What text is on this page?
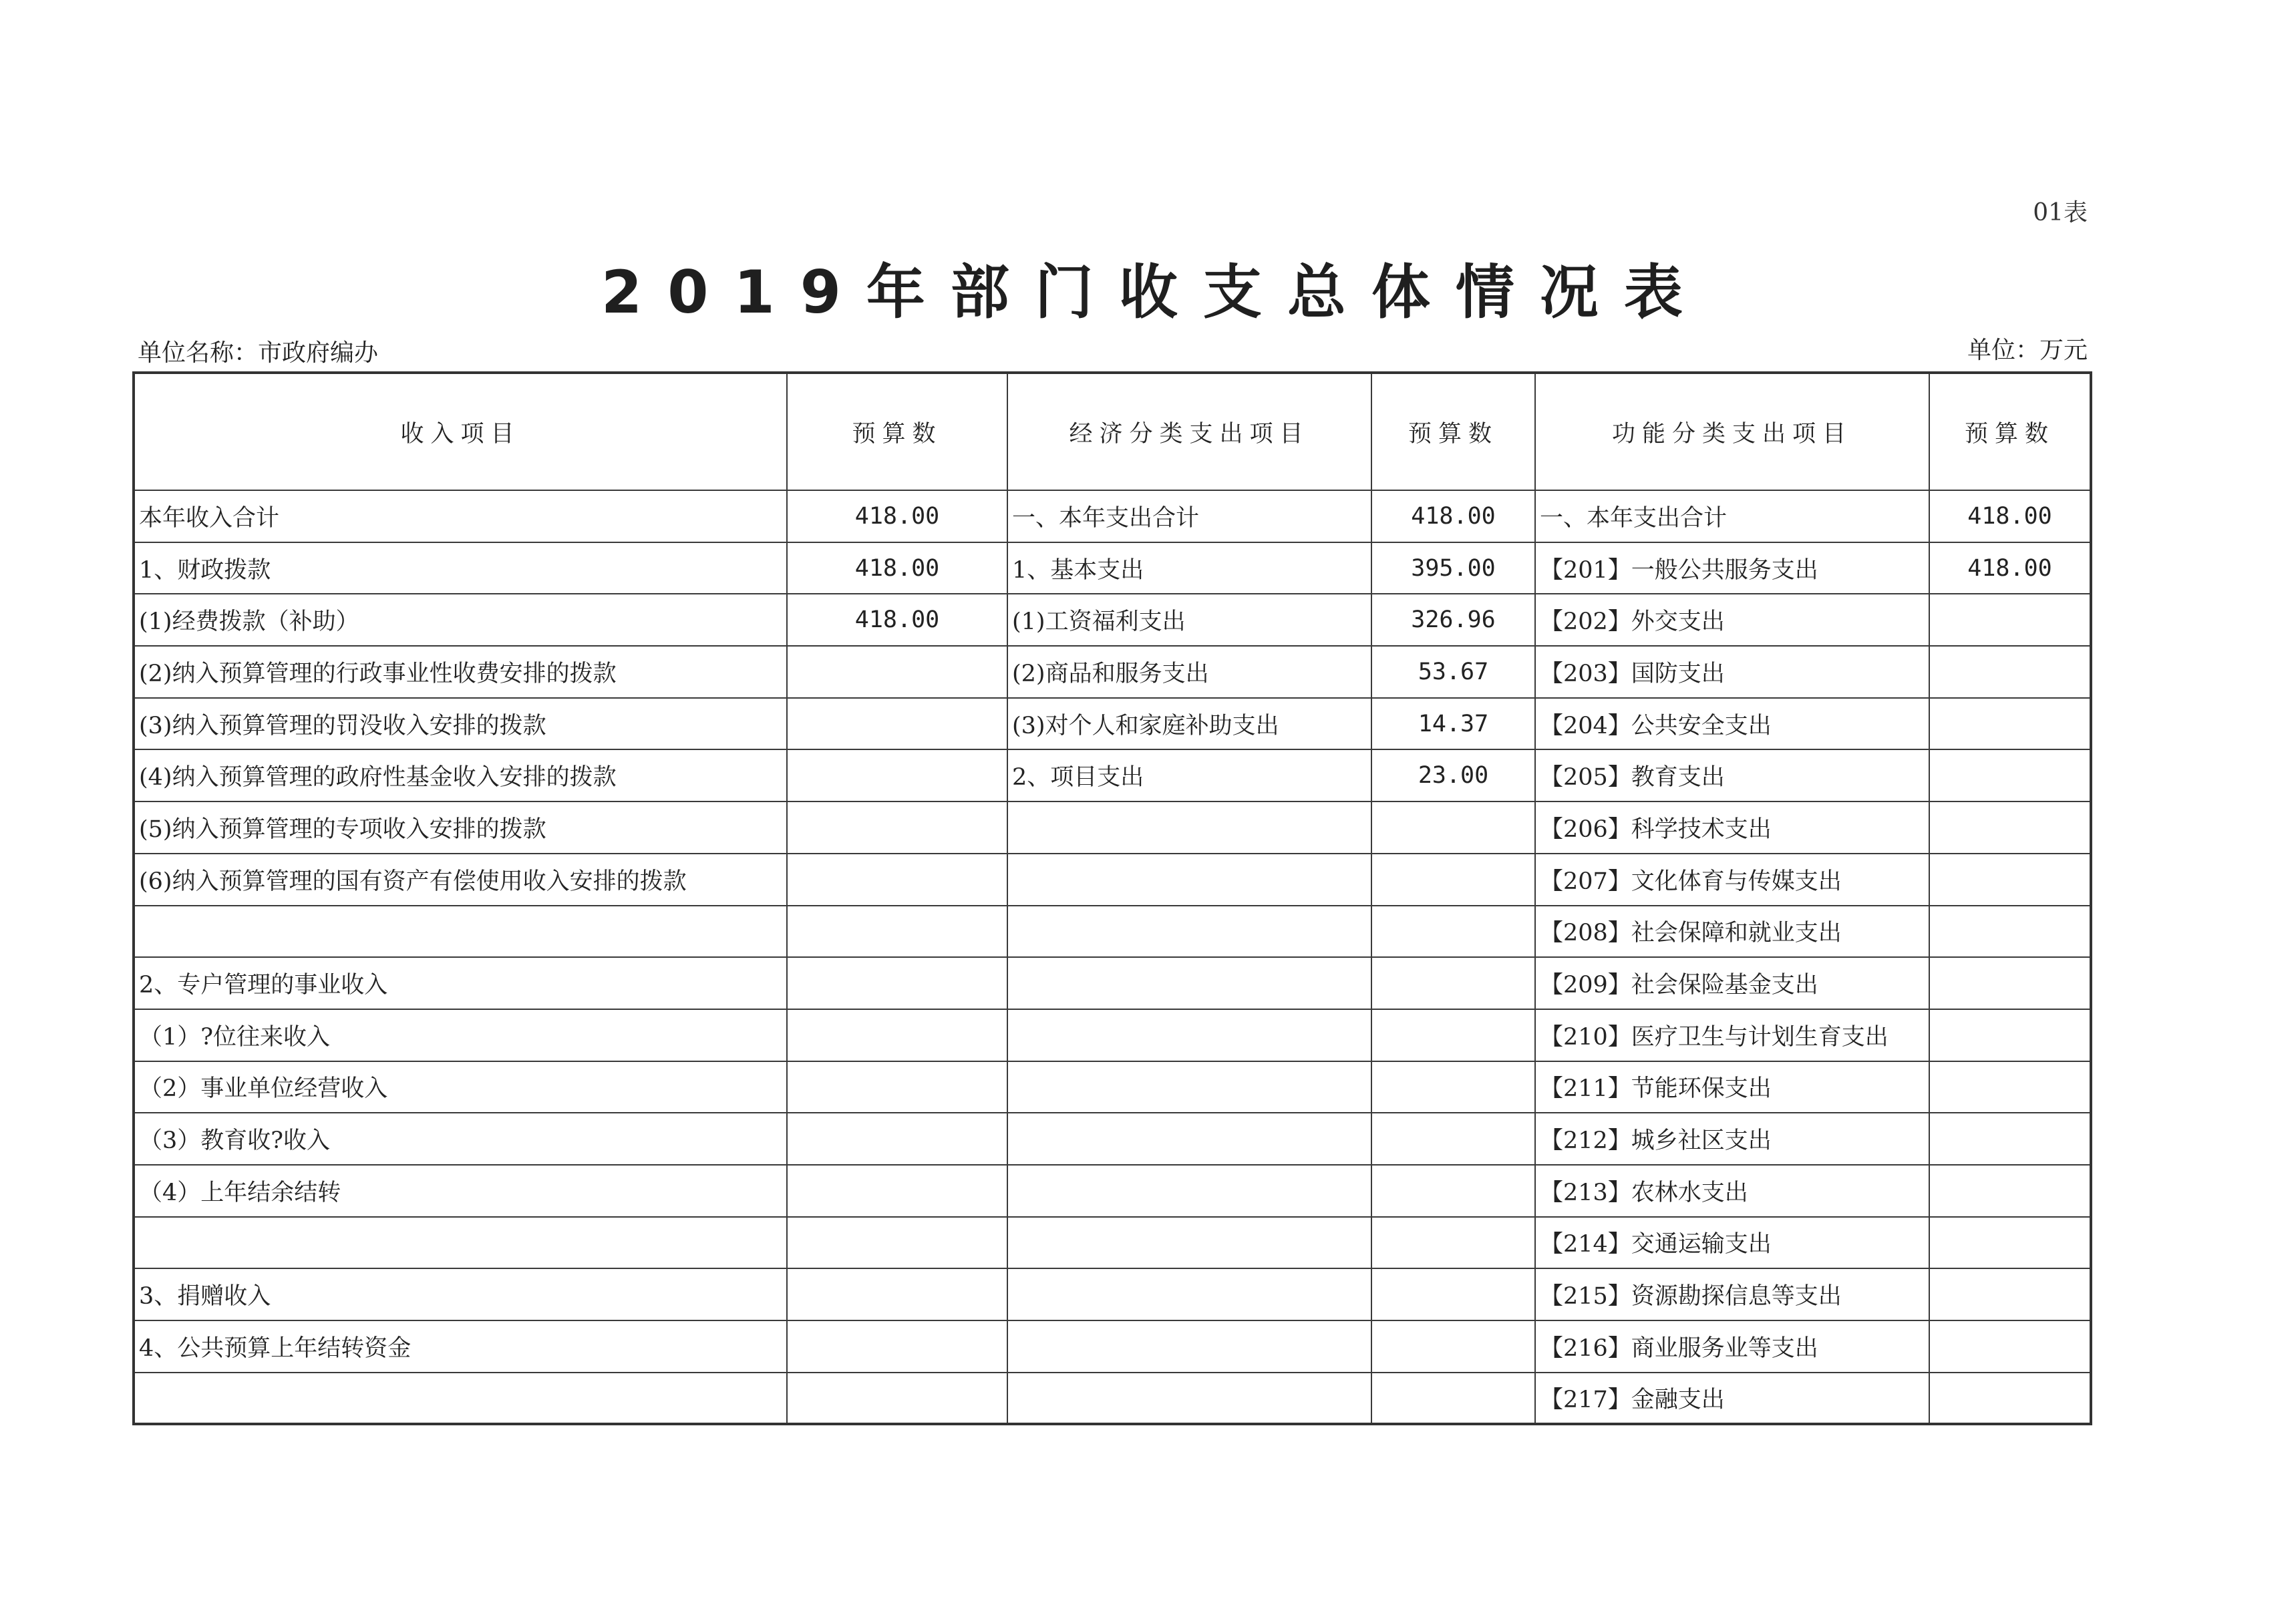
01表
2019年部门收支总体情况表
单位名称：市政府编办	单位：万元
收入项目	预算数	经济分类支出项目	预算数	功能分类支出项目	预算数
本年收入合计	418.00	一、本年支出合计	418.00	一、本年支出合计	418.00
1、财政拨款	418.00	1、基本支出	395.00	【201】一般公共服务支出	418.00
(1)经费拨款（补助）	418.00	(1)工资福利支出	326.96	【202】外交支出	
(2)纳入预算管理的行政事业性收费安排的拨款		(2)商品和服务支出	53.67	【203】国防支出	
(3)纳入预算管理的罚没收入安排的拨款		(3)对个人和家庭补助支出	14.37	【204】公共安全支出	
(4)纳入预算管理的政府性基金收入安排的拨款		2、项目支出	23.00	【205】教育支出	
(5)纳入预算管理的专项收入安排的拨款				【206】科学技术支出	
(6)纳入预算管理的国有资产有偿使用收入安排的拨款				【207】文化体育与传媒支出	
				【208】社会保障和就业支出	
2、专户管理的事业收入				【209】社会保险基金支出	
（1）?位往来收入				【210】医疗卫生与计划生育支出	
（2）事业单位经营收入				【211】节能环保支出	
（3）教育收?收入				【212】城乡社区支出	
（4）上年结余结转				【213】农林水支出	
				【214】交通运输支出	
3、捐赠收入				【215】资源勘探信息等支出	
4、公共预算上年结转资金				【216】商业服务业等支出	
				【217】金融支出	
